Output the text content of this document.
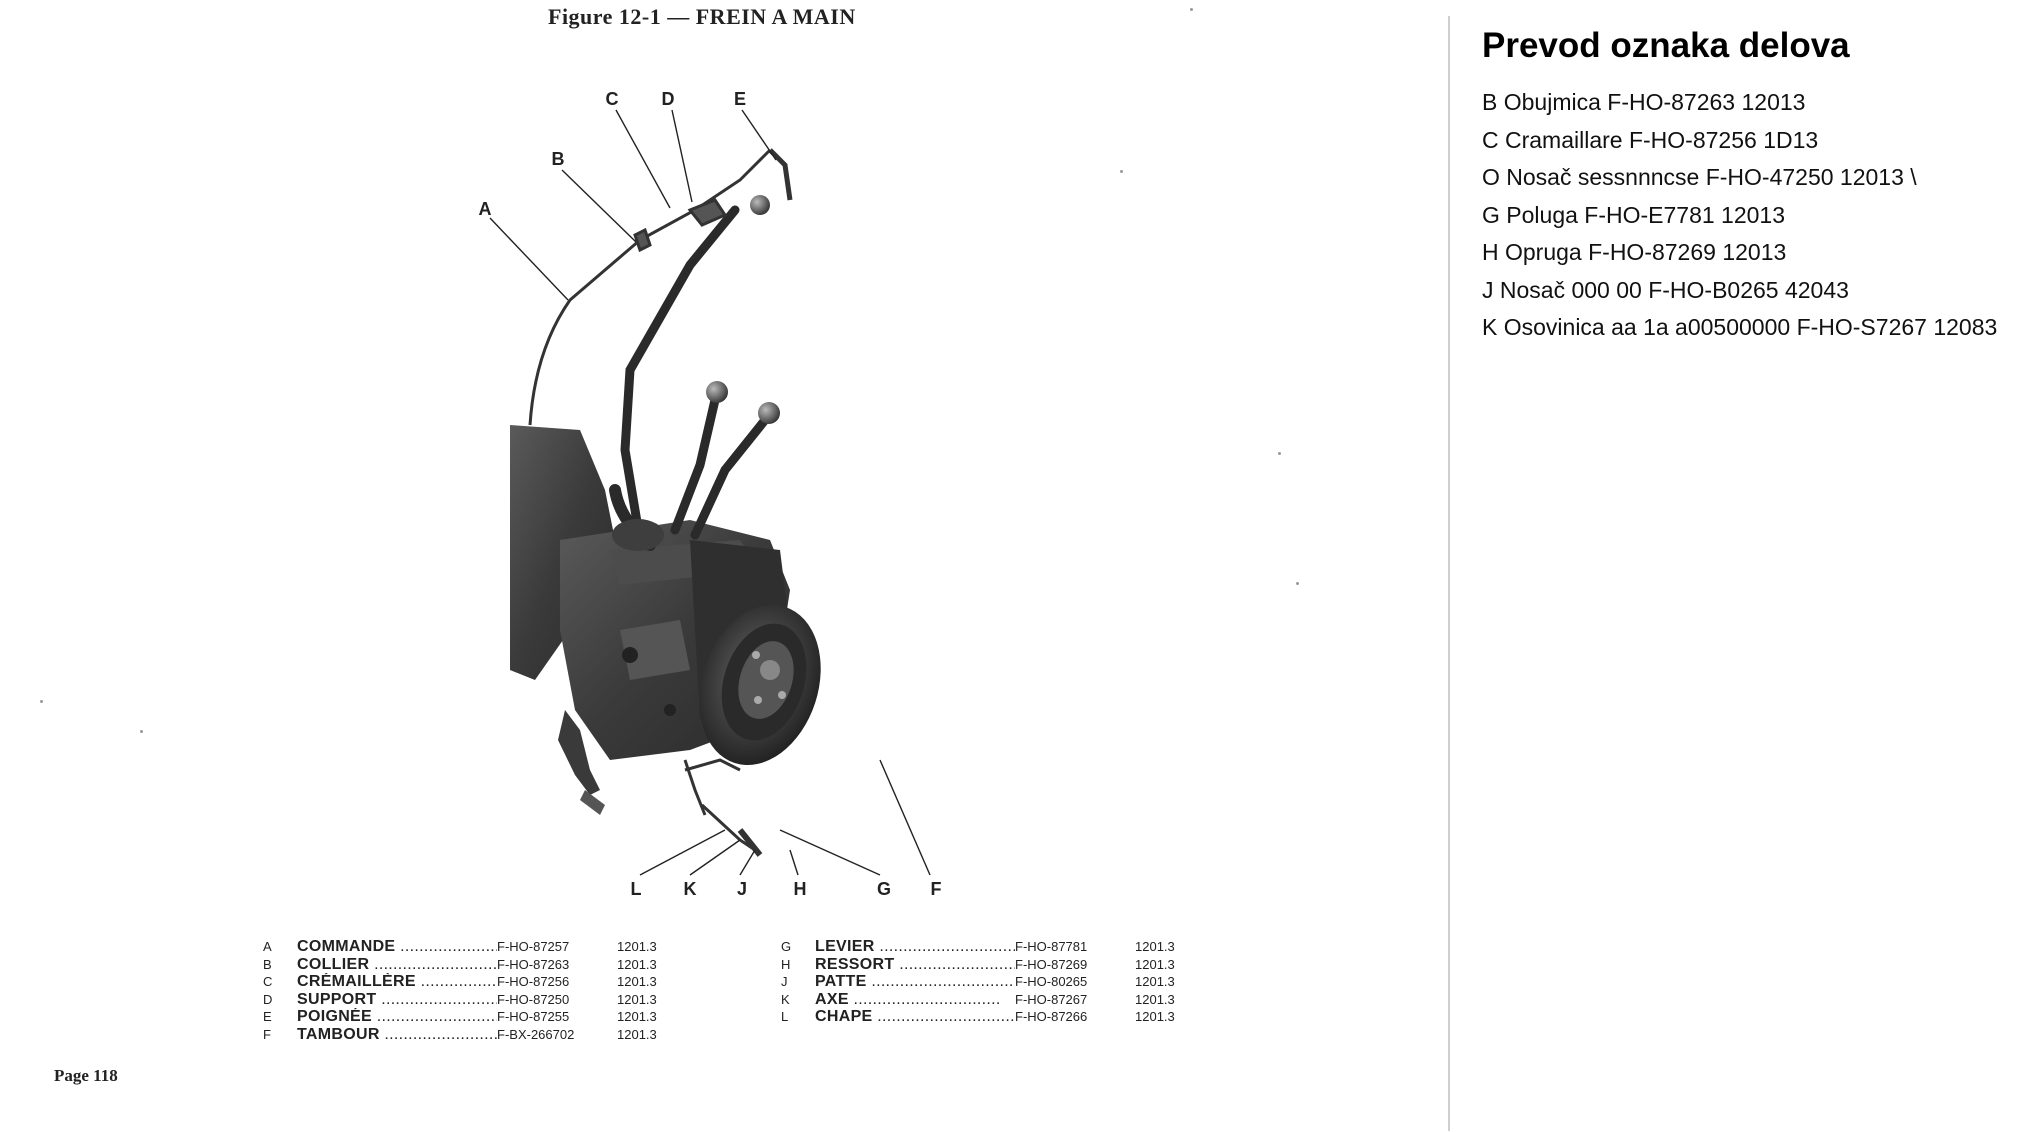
Figure 12-1 — FREIN A MAIN
A
B
C D	E
F
G
H
J
K
L
A	COMMANDE .....	F-HO-87257	1201.3
B	COLLIER .....	F-HO-87263	1201.3
C	CRÉMAILLÈRE .....	F-HO-87256	1201.3
D	SUPPORT .....	F-HO-87250	1201.3
E	POIGNÉE .....	F-HO-87255	1201.3
F	TAMBOUR .....	F-BX-266702	1201.3
G	LEVIER .....	F-HO-87781	1201.3
H	RESSORT .....	F-HO-87269	1201.3
J	PATTE .....	F-HO-80265	1201.3
K	AXE .....	F-HO-87267	1201.3
L	CHAPE .....	F-HO-87266	1201.3
Page 118
Prevod oznaka delova
B Obujmica F-HO-87263 12013
C Cramaillare F-HO-87256 1D13
O Nosač sessnnncse F-HO-47250 12013 \
G Poluga F-HO-E7781 12013
H Opruga F-HO-87269 12013
J Nosač 000 00 F-HO-B0265 42043
K Osovinica aa 1a a00500000 F-HO-S7267 12083
